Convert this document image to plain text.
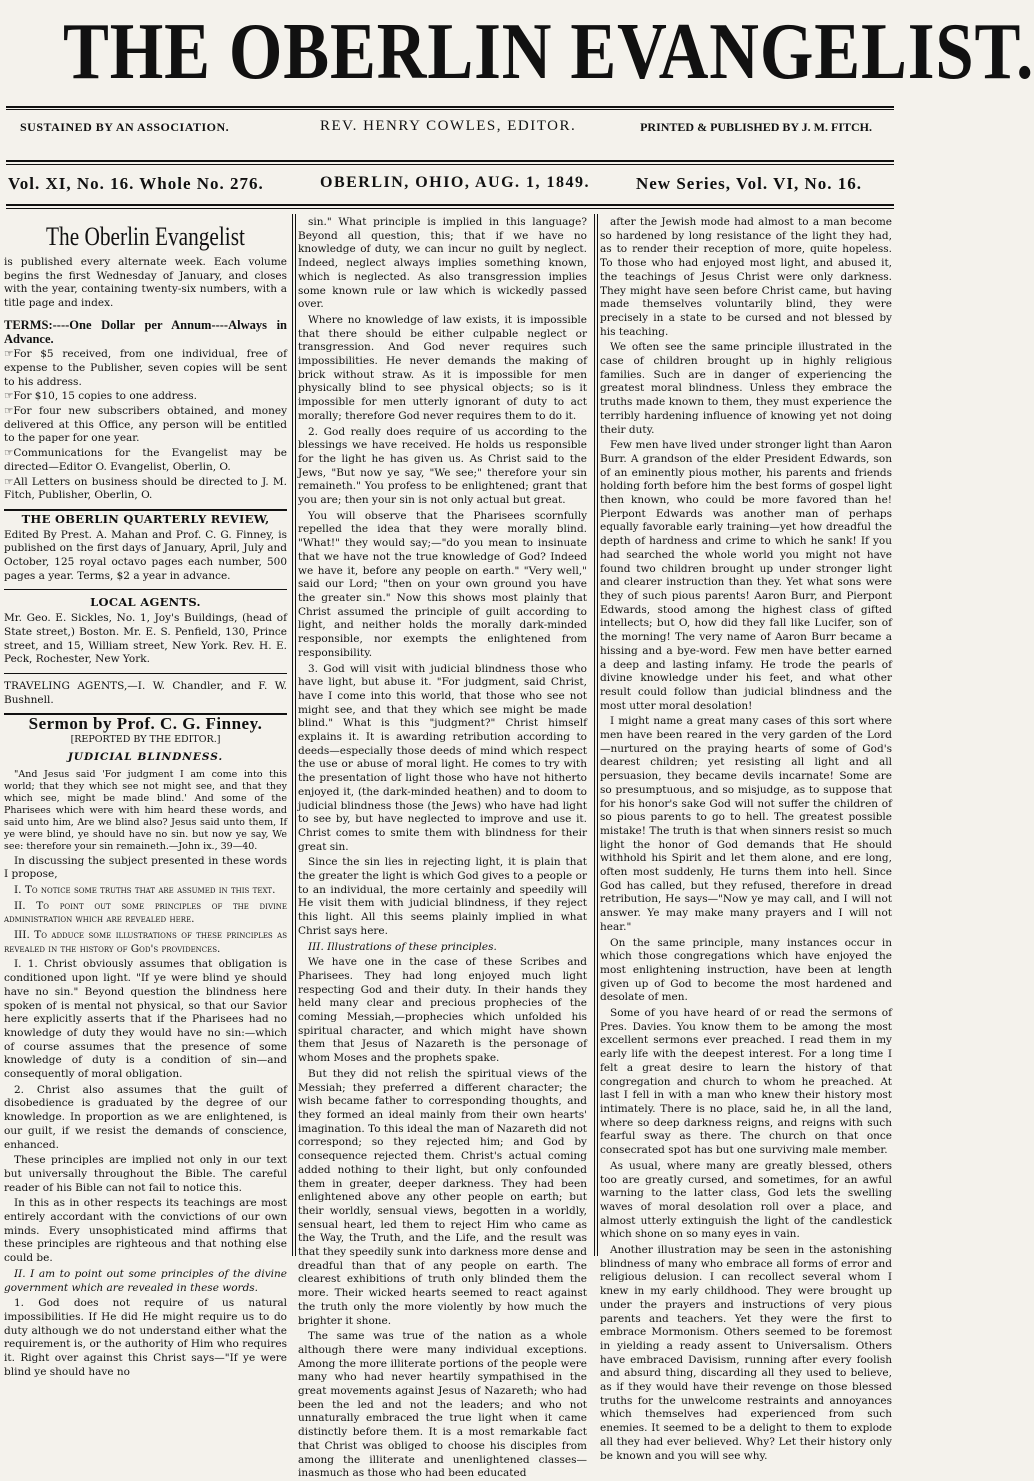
THE OBERLIN EVANGELIST.
SUSTAINED BY AN ASSOCIATION.	REV. HENRY COWLES, EDITOR.	PRINTED & PUBLISHED BY J. M. FITCH.
Vol. XI, No. 16. Whole No. 276.	OBERLIN, OHIO, AUG. 1, 1849.	New Series, Vol. VI, No. 16.
The Oberlin Evangelist

is published every alternate week. Each volume begins the first Wednesday of January, and closes with the year, containing twenty-six numbers, with a title page and index.

TERMS:----One Dollar per Annum----Always in Advance.

☞For $5 received, from one individual, free of expense to the Publisher, seven copies will be sent to his address.

☞For $10, 15 copies to one address.

☞For four new subscribers obtained, and money delivered at this Office, any person will be entitled to the paper for one year.

☞Communications for the Evangelist may be directed—Editor O. Evangelist, Oberlin, O.

☞All Letters on business should be directed to J. M. Fitch, Publisher, Oberlin, O.

THE OBERLIN QUARTERLY REVIEW,

Edited By Prest. A. Mahan and Prof. C. G. Finney, is published on the first days of January, April, July and October, 125 royal octavo pages each number, 500 pages a year. Terms, $2 a year in advance.

LOCAL AGENTS.

Mr. Geo. E. Sickles, No. 1, Joy's Buildings, (head of State street,) Boston. Mr. E. S. Penfield, 130, Prince street, and 15, William street, New York. Rev. H. E. Peck, Rochester, New York.

TRAVELING AGENTS,—I. W. Chandler, and F. W. Bushnell.

Sermon by Prof. C. G. Finney.
[REPORTED BY THE EDITOR.]
JUDICIAL BLINDNESS.

"And Jesus said 'For judgment I am come into this world; that they which see not might see, and that they which see, might be made blind.' And some of the Pharisees which were with him heard these words, and said unto him, Are we blind also? Jesus said unto them, If ye were blind, ye should have no sin. but now ye say, We see: therefore your sin remaineth.—John ix., 39—40.

In discussing the subject presented in these words I propose,

I. To notice some truths that are assumed in this text.

II. To point out some principles of the divine administration which are revealed here.

III. To adduce some illustrations of these principles as revealed in the history of God's providences.

I. 1. Christ obviously assumes that obligation is conditioned upon light. "If ye were blind ye should have no sin." Beyond question the blindness here spoken of is mental not physical, so that our Savior here explicitly asserts that if the Pharisees had no knowledge of duty they would have no sin:—which of course assumes that the presence of some knowledge of duty is a condition of sin—and consequently of moral obligation.

2. Christ also assumes that the guilt of disobedience is graduated by the degree of our knowledge. In proportion as we are enlightened, is our guilt, if we resist the demands of conscience, enhanced.

These principles are implied not only in our text but universally throughout the Bible. The careful reader of his Bible can not fail to notice this.

In this as in other respects its teachings are most entirely accordant with the convictions of our own minds. Every unsophisticated mind affirms that these principles are righteous and that nothing else could be.

II. I am to point out some principles of the divine government which are revealed in these words.

1. God does not require of us natural impossibilities. If He did He might require us to do duty although we do not understand either what the requirement is, or the authority of Him who requires it. Right over against this Christ says—"If ye were blind ye should have no

sin." What principle is implied in this language? Beyond all question, this; that if we have no knowledge of duty, we can incur no guilt by neglect. Indeed, neglect always implies something known, which is neglected. As also transgression implies some known rule or law which is wickedly passed over.

Where no knowledge of law exists, it is impossible that there should be either culpable neglect or transgression. And God never requires such impossibilities. He never demands the making of brick without straw. As it is impossible for men physically blind to see physical objects; so is it impossible for men utterly ignorant of duty to act morally; therefore God never requires them to do it.

2. God really does require of us according to the blessings we have received. He holds us responsible for the light he has given us. As Christ said to the Jews, "But now ye say, "We see;" therefore your sin remaineth." You profess to be enlightened; grant that you are; then your sin is not only actual but great.

You will observe that the Pharisees scornfully repelled the idea that they were morally blind. "What!" they would say;—"do you mean to insinuate that we have not the true knowledge of God? Indeed we have it, before any people on earth." "Very well," said our Lord; "then on your own ground you have the greater sin." Now this shows most plainly that Christ assumed the principle of guilt according to light, and neither holds the morally dark-minded responsible, nor exempts the enlightened from responsibility.

3. God will visit with judicial blindness those who have light, but abuse it. "For judgment, said Christ, have I come into this world, that those who see not might see, and that they which see might be made blind." What is this "judgment?" Christ himself explains it. It is awarding retribution according to deeds—especially those deeds of mind which respect the use or abuse of moral light. He comes to try with the presentation of light those who have not hitherto enjoyed it, (the dark-minded heathen) and to doom to judicial blindness those (the Jews) who have had light to see by, but have neglected to improve and use it. Christ comes to smite them with blindness for their great sin.

Since the sin lies in rejecting light, it is plain that the greater the light is which God gives to a people or to an individual, the more certainly and speedily will He visit them with judicial blindness, if they reject this light. All this seems plainly implied in what Christ says here.

III. Illustrations of these principles.

We have one in the case of these Scribes and Pharisees. They had long enjoyed much light respecting God and their duty. In their hands they held many clear and precious prophecies of the coming Messiah,—prophecies which unfolded his spiritual character, and which might have shown them that Jesus of Nazareth is the personage of whom Moses and the prophets spake.

But they did not relish the spiritual views of the Messiah; they preferred a different character; the wish became father to corresponding thoughts, and they formed an ideal mainly from their own hearts' imagination. To this ideal the man of Nazareth did not correspond; so they rejected him; and God by consequence rejected them. Christ's actual coming added nothing to their light, but only confounded them in greater, deeper darkness. They had been enlightened above any other people on earth; but their worldly, sensual views, begotten in a worldly, sensual heart, led them to reject Him who came as the Way, the Truth, and the Life, and the result was that they speedily sunk into darkness more dense and dreadful than that of any people on earth. The clearest exhibitions of truth only blinded them the more. Their wicked hearts seemed to react against the truth only the more violently by how much the brighter it shone.

The same was true of the nation as a whole although there were many individual exceptions. Among the more illiterate portions of the people were many who had never heartily sympathised in the great movements against Jesus of Nazareth; who had been the led and not the leaders; and who not unnaturally embraced the true light when it came distinctly before them. It is a most remarkable fact that Christ was obliged to choose his disciples from among the illiterate and unenlightened classes—inasmuch as those who had been educated

after the Jewish mode had almost to a man become so hardened by long resistance of the light they had, as to render their reception of more, quite hopeless. To those who had enjoyed most light, and abused it, the teachings of Jesus Christ were only darkness. They might have seen before Christ came, but having made themselves voluntarily blind, they were precisely in a state to be cursed and not blessed by his teaching.

We often see the same principle illustrated in the case of children brought up in highly religious families. Such are in danger of experiencing the greatest moral blindness. Unless they embrace the truths made known to them, they must experience the terribly hardening influence of knowing yet not doing their duty.

Few men have lived under stronger light than Aaron Burr. A grandson of the elder President Edwards, son of an eminently pious mother, his parents and friends holding forth before him the best forms of gospel light then known, who could be more favored than he! Pierpont Edwards was another man of perhaps equally favorable early training—yet how dreadful the depth of hardness and crime to which he sank! If you had searched the whole world you might not have found two children brought up under stronger light and clearer instruction than they. Yet what sons were they of such pious parents! Aaron Burr, and Pierpont Edwards, stood among the highest class of gifted intellects; but O, how did they fall like Lucifer, son of the morning! The very name of Aaron Burr became a hissing and a bye-word. Few men have better earned a deep and lasting infamy. He trode the pearls of divine knowledge under his feet, and what other result could follow than judicial blindness and the most utter moral desolation!

I might name a great many cases of this sort where men have been reared in the very garden of the Lord—nurtured on the praying hearts of some of God's dearest children; yet resisting all light and all persuasion, they became devils incarnate! Some are so presumptuous, and so misjudge, as to suppose that for his honor's sake God will not suffer the children of so pious parents to go to hell. The greatest possible mistake! The truth is that when sinners resist so much light the honor of God demands that He should withhold his Spirit and let them alone, and ere long, often most suddenly, He turns them into hell. Since God has called, but they refused, therefore in dread retribution, He says—"Now ye may call, and I will not answer. Ye may make many prayers and I will not hear."

On the same principle, many instances occur in which those congregations which have enjoyed the most enlightening instruction, have been at length given up of God to become the most hardened and desolate of men.

Some of you have heard of or read the sermons of Pres. Davies. You know them to be among the most excellent sermons ever preached. I read them in my early life with the deepest interest. For a long time I felt a great desire to learn the history of that congregation and church to whom he preached. At last I fell in with a man who knew their history most intimately. There is no place, said he, in all the land, where so deep darkness reigns, and reigns with such fearful sway as there. The church on that once consecrated spot has but one surviving male member.

As usual, where many are greatly blessed, others too are greatly cursed, and sometimes, for an awful warning to the latter class, God lets the swelling waves of moral desolation roll over a place, and almost utterly extinguish the light of the candlestick which shone on so many eyes in vain.

Another illustration may be seen in the astonishing blindness of many who embrace all forms of error and religious delusion. I can recollect several whom I knew in my early childhood. They were brought up under the prayers and instructions of very pious parents and teachers. Yet they were the first to embrace Mormonism. Others seemed to be foremost in yielding a ready assent to Universalism. Others have embraced Davisism, running after every foolish and absurd thing, discarding all they used to believe, as if they would have their revenge on those blessed truths for the unwelcome restraints and annoyances which themselves had experienced from such enemies. It seemed to be a delight to them to explode all they had ever believed. Why? Let their history only be known and you will see why.
